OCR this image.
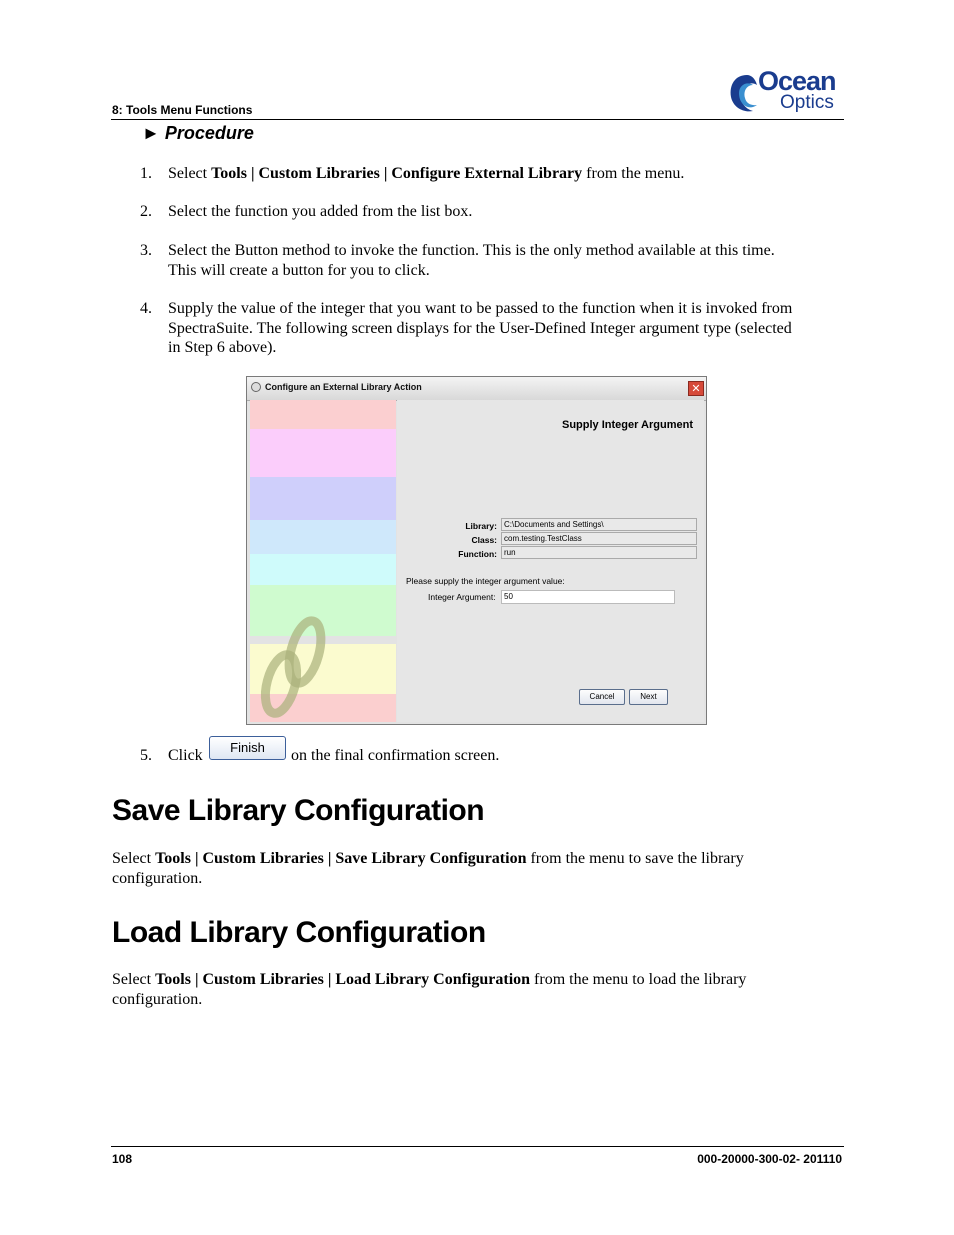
Ocean
Optics
8: Tools Menu Functions
► Procedure
1. Select Tools | Custom Libraries | Configure External Library from the menu.
2. Select the function you added from the list box.
3. Select the Button method to invoke the function. This is the only method available at this time.
This will create a button for you to click.
4. Supply the value of the integer that you want to be passed to the function when it is invoked from
SpectraSuite. The following screen displays for the User-Defined Integer argument type (selected
in Step 6 above).
Configure an External Library Action	✕
Supply Integer Argument
Library: C:\Documents and Settings\
Class: com.testing.TestClass
Function: run
Please supply the integer argument value:
Integer Argument:	50
Cancel	Next
5. Click	Finish	on the final confirmation screen.
Save Library Configuration
Select Tools | Custom Libraries | Save Library Configuration from the menu to save the library
configuration.
Load Library Configuration
Select Tools | Custom Libraries | Load Library Configuration from the menu to load the library
configuration.
108	000-20000-300-02- 201110
